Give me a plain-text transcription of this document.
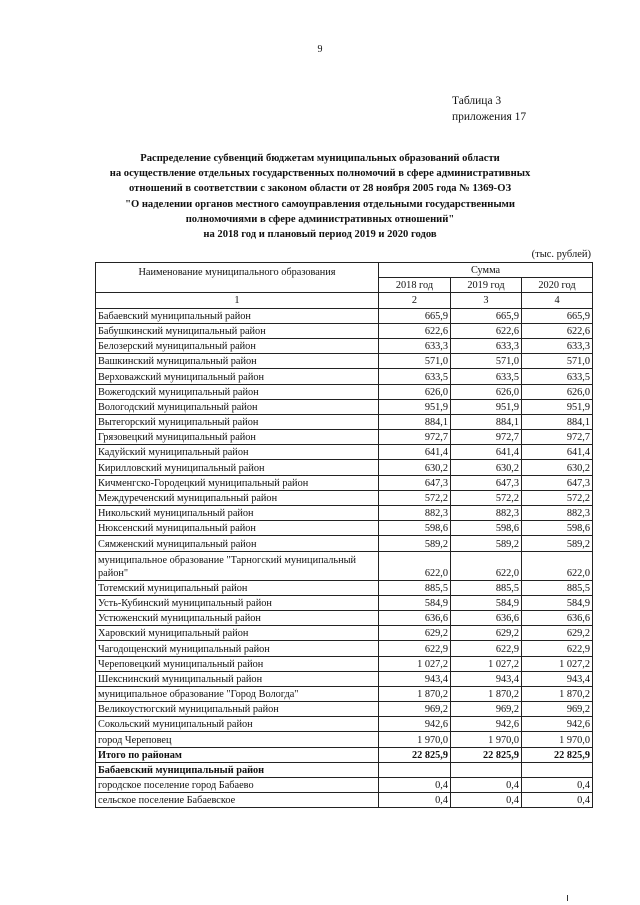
9
Таблица 3
приложения 17
Распределение субвенций бюджетам муниципальных образований области
на осуществление отдельных государственных полномочий в сфере административных
отношений в соответствии с законом области от 28 ноября 2005 года № 1369-ОЗ
"О наделении органов местного самоуправления отдельными государственными
полномочиями в сфере административных отношений"
на 2018 год и плановый период 2019 и 2020 годов
(тыс. рублей)
Наименование муниципального образования	Сумма		
	2018 год	2019 год	2020 год
1	2	3	4
Бабаевский муниципальный район	665,9	665,9	665,9
Бабушкинский муниципальный район	622,6	622,6	622,6
Белозерский муниципальный район	633,3	633,3	633,3
Вашкинский муниципальный район	571,0	571,0	571,0
Верховажский муниципальный район	633,5	633,5	633,5
Вожегодский муниципальный район	626,0	626,0	626,0
Вологодский муниципальный район	951,9	951,9	951,9
Вытегорский муниципальный район	884,1	884,1	884,1
Грязовецкий муниципальный район	972,7	972,7	972,7
Кадуйский муниципальный район	641,4	641,4	641,4
Кирилловский муниципальный район	630,2	630,2	630,2
Кичменгско-Городецкий муниципальный район	647,3	647,3	647,3
Междуреченский муниципальный район	572,2	572,2	572,2
Никольский муниципальный район	882,3	882,3	882,3
Нюксенский муниципальный район	598,6	598,6	598,6
Сямженский муниципальный район	589,2	589,2	589,2
муниципальное образование "Тарногский муниципальный район"	622,0	622,0	622,0
Тотемский муниципальный район	885,5	885,5	885,5
Усть-Кубинский муниципальный район	584,9	584,9	584,9
Устюженский муниципальный район	636,6	636,6	636,6
Харовский муниципальный район	629,2	629,2	629,2
Чагодощенский муниципальный район	622,9	622,9	622,9
Череповецкий муниципальный район	1 027,2	1 027,2	1 027,2
Шекснинский муниципальный район	943,4	943,4	943,4
муниципальное образование "Город Вологда"	1 870,2	1 870,2	1 870,2
Великоустюгский муниципальный район	969,2	969,2	969,2
Сокольский муниципальный район	942,6	942,6	942,6
город Череповец	1 970,0	1 970,0	1 970,0
Итого по районам	22 825,9	22 825,9	22 825,9
Бабаевский муниципальный район			
городское поселение город Бабаево	0,4	0,4	0,4
сельское поселение Бабаевское	0,4	0,4	0,4
